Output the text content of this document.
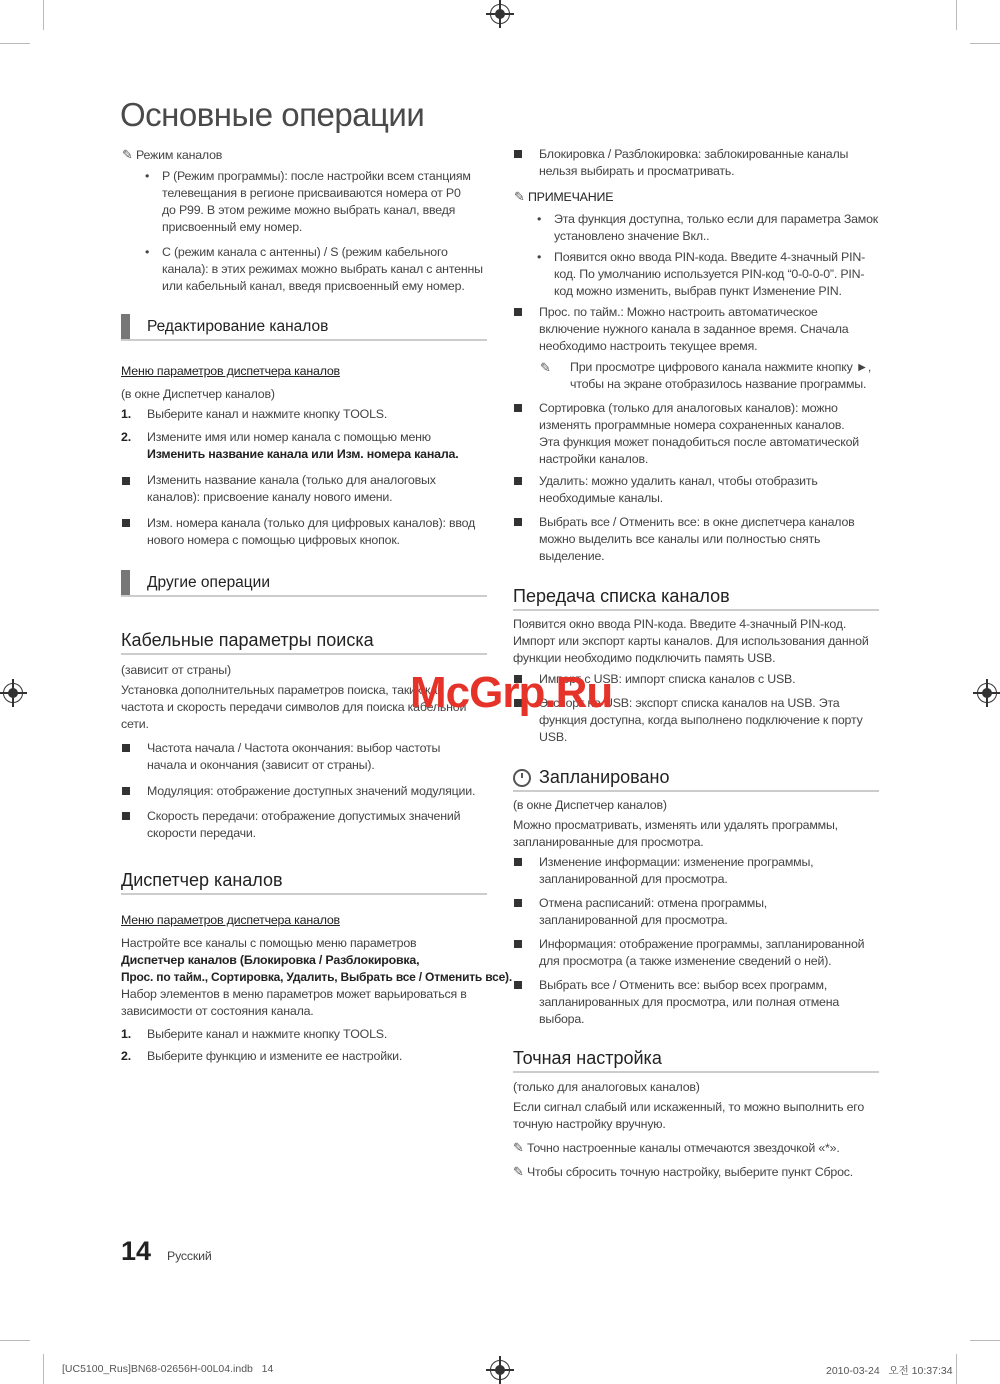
Основные операции
✎ Режим каналов
• P (Режим программы): после настройки всем станциям
телевещания в регионе присваиваются номера от P0
до P99. В этом режиме можно выбрать канал, введя
присвоенный ему номер.
• C (режим канала с антенны) / S (режим кабельного
канала): в этих режимах можно выбрать канал с антенны
или кабельный канал, введя присвоенный ему номер.
Редактирование каналов
Меню параметров диспетчера каналов
(в окне Диспетчер каналов)
1. Выберите канал и нажмите кнопку TOOLS.
2. Измените имя или номер канала с помощью меню
Изменить название канала или Изм. номера канала.
Изменить название канала (только для аналоговых
каналов): присвоение каналу нового имени.
Изм. номера канала (только для цифровых каналов): ввод
нового номера с помощью цифровых кнопок.
Другие операции
Кабельные параметры поиска
(зависит от страны)
Установка дополнительных параметров поиска, таких как
частота и скорость передачи символов для поиска кабельной
сети.
Частота начала / Частота окончания: выбор частоты
начала и окончания (зависит от страны).
Модуляция: отображение доступных значений модуляции.
Скорость передачи: отображение допустимых значений
скорости передачи.
Диспетчер каналов
Меню параметров диспетчера каналов
Настройте все каналы с помощью меню параметров
Диспетчер каналов (Блокировка / Разблокировка,
Прос. по тайм., Сортировка, Удалить, Выбрать все / Отменить все).
Набор элементов в меню параметров может варьироваться в
зависимости от состояния канала.
1. Выберите канал и нажмите кнопку TOOLS.
2. Выберите функцию и измените ее настройки.
Блокировка / Разблокировка: заблокированные каналы
нельзя выбирать и просматривать.
✎ ПРИМЕЧАНИЕ
• Эта функция доступна, только если для параметра Замок
установлено значение Вкл..
• Появится окно ввода PIN-кода. Введите 4-значный PIN-
код. По умолчанию используется PIN-код “0-0-0-0”. PIN-
код можно изменить, выбрав пункт Изменение PIN.
Прос. по тайм.: Можно настроить автоматическое
включение нужного канала в заданное время. Сначала
необходимо настроить текущее время.
✎ При просмотре цифрового канала нажмите кнопку ►,
чтобы на экране отобразилось название программы.
Сортировка (только для аналоговых каналов): можно
изменять программные номера сохраненных каналов.
Эта функция может понадобиться после автоматической
настройки каналов.
Удалить: можно удалить канал, чтобы отобразить
необходимые каналы.
Выбрать все / Отменить все: в окне диспетчера каналов
можно выделить все каналы или полностью снять
выделение.
Передача списка каналов
Появится окно ввода PIN-кода. Введите 4-значный PIN-код.
Импорт или экспорт карты каналов. Для использования данной
функции необходимо подключить память USB.
Импорт с USB: импорт списка каналов с USB.
Экспорт на USB: экспорт списка каналов на USB. Эта
функция доступна, когда выполнено подключение к порту
USB.
Запланировано
(в окне Диспетчер каналов)
Можно просматривать, изменять или удалять программы,
запланированные для просмотра.
Изменение информации: изменение программы,
запланированной для просмотра.
Отмена расписаний: отмена программы,
запланированной для просмотра.
Информация: отображение программы, запланированной
для просмотра (а также изменение сведений о ней).
Выбрать все / Отменить все: выбор всех программ,
запланированных для просмотра, или полная отмена
выбора.
Точная настройка
(только для аналоговых каналов)
Если сигнал слабый или искаженный, то можно выполнить его
точную настройку вручную.
✎ Точно настроенные каналы отмечаются звездочкой «*».
✎ Чтобы сбросить точную настройку, выберите пункт Сброс.
McGrp.Ru
14 Русский
[UC5100_Rus]BN68-02656H-00L04.indb   14	2010-03-24   오전 10:37:34
